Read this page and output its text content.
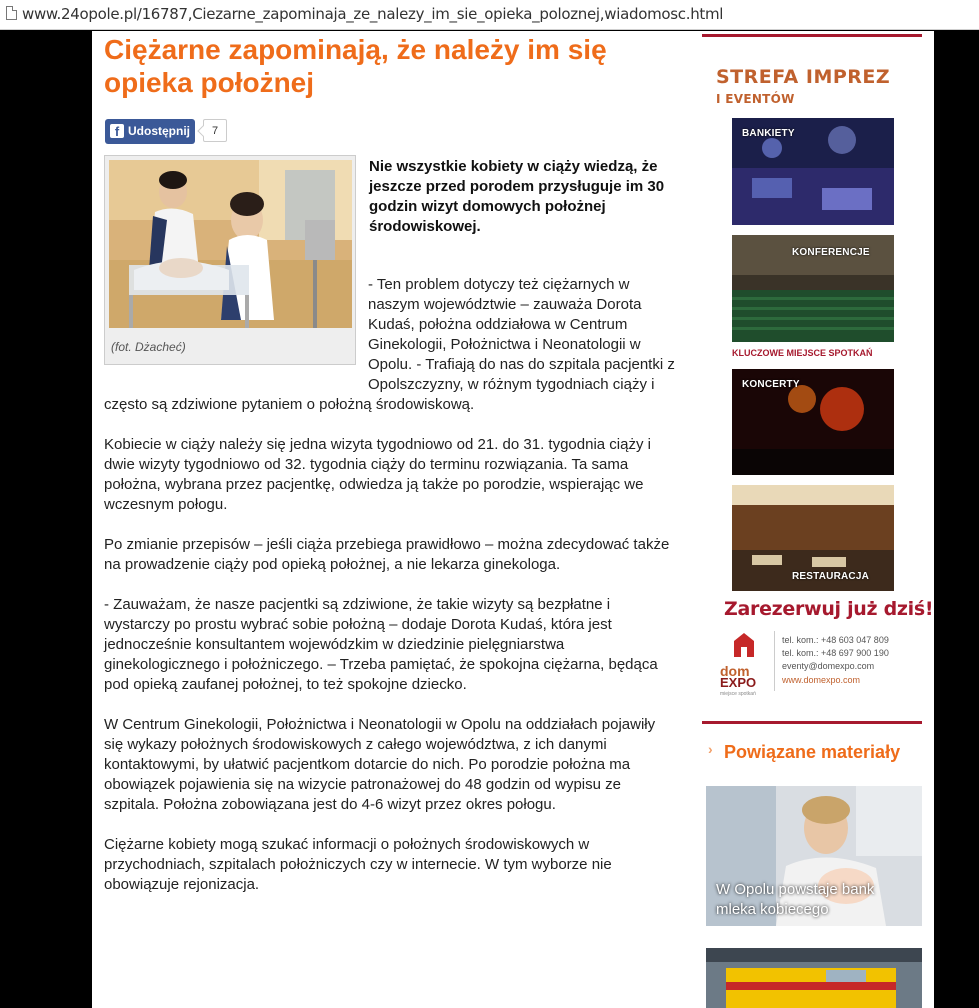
www.24opole.pl/16787,Ciezarne_zapominaja_ze_nalezy_im_sie_opieka_poloznej,wiadomosc.html
Ciężarne zapominają, że należy im się opieka położnej
f Udostępnij	7
(fot. Dżacheć)

Nie wszystkie kobiety w ciąży wiedzą, że jeszcze przed porodem przysługuje im 30 godzin wizyt domowych położnej środowiskowej.

- Ten problem dotyczy też ciężarnych w naszym województwie – zauważa Dorota Kudaś, położna oddziałowa w Centrum Ginekologii, Położnictwa i Neonatologii w Opolu. - Trafiają do nas do szpitala pacjentki z Opolszczyzny, w różnym tygodniach ciąży i często są zdziwione pytaniem o położną środowiskową.

Kobiecie w ciąży należy się jedna wizyta tygodniowo od 21. do 31. tygodnia ciąży i dwie wizyty tygodniowo od 32. tygodnia ciąży do terminu rozwiązania. Ta sama położna, wybrana przez pacjentkę, odwiedza ją także po porodzie, wspierając we wczesnym połogu.

Po zmianie przepisów – jeśli ciąża przebiega prawidłowo – można zdecydować także na prowadzenie ciąży pod opieką położnej, a nie lekarza ginekologa.

- Zauważam, że nasze pacjentki są zdziwione, że takie wizyty są bezpłatne i wystarczy po prostu wybrać sobie położną – dodaje Dorota Kudaś, która jest jednocześnie konsultantem wojewódzkim w dziedzinie pielęgniarstwa ginekologicznego i położniczego. – Trzeba pamiętać, że spokojna ciężarna, będąca pod opieką zaufanej położnej, to też spokojne dziecko.

W Centrum Ginekologii, Położnictwa i Neonatologii w Opolu na oddziałach pojawiły się wykazy położnych środowiskowych z całego województwa, z ich danymi kontaktowymi, by ułatwić pacjentkom dotarcie do nich. Po porodzie położna ma obowiązek pojawienia się na wizycie patronażowej do 48 godzin od wypisu ze szpitala. Położna zobowiązana jest do 4-6 wizyt przez okres połogu.

Ciężarne kobiety mogą szukać informacji o położnych środowiskowych w przychodniach, szpitalach położniczych czy w internecie. W tym wyborze nie obowiązuje rejonizacja.

STREFA IMPREZ
I EVENTÓW
BANKIETY
KONFERENCJE
KLUCZOWE MIEJSCE SPOTKAŃ
KONCERTY
RESTAURACJA
Zarezerwuj już dziś!
dom
EXPO
miejsce spotkań
tel. kom.: +48 603 047 809
tel. kom.: +48 697 900 190
eventy@domexpo.com
www.domexpo.com
› Powiązane materiały
W Opolu powstaje bank mleka kobiecego
